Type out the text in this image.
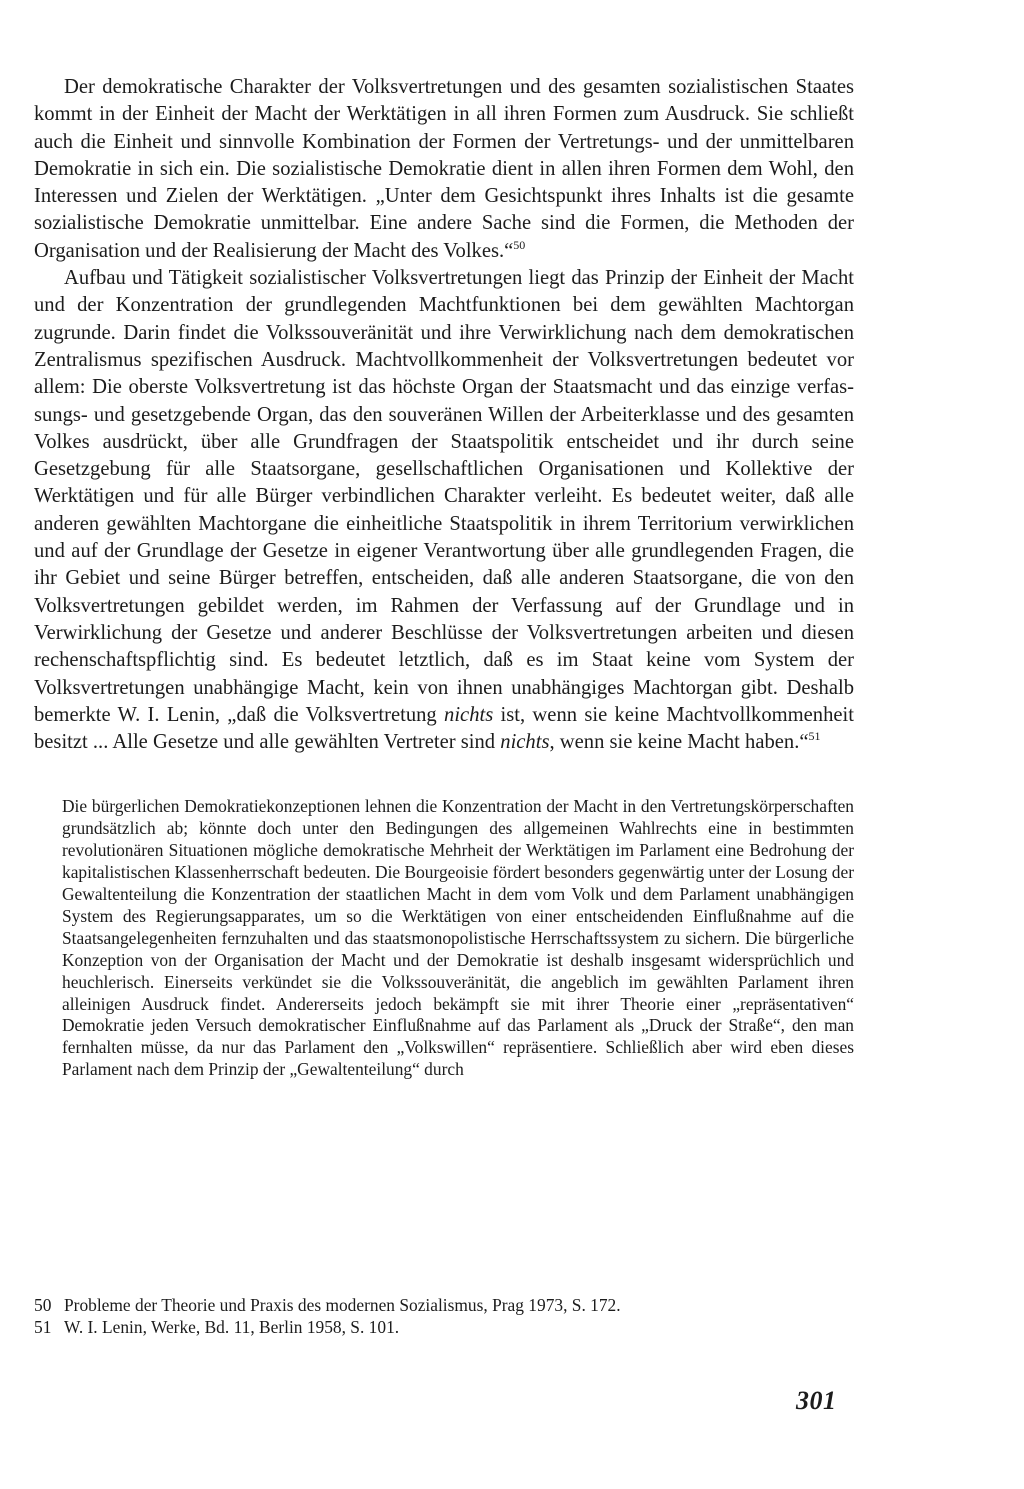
Der demokratische Charakter der Volksvertretungen und des gesamten sozialistischen Staates kommt in der Einheit der Macht der Werktätigen in all ihren Formen zum Ausdruck. Sie schließt auch die Einheit und sinnvolle Kombination der Formen der Vertretungs- und der unmittelbaren Demokratie in sich ein. Die sozialistische Demokratie dient in allen ihren Formen dem Wohl, den Interessen und Zielen der Werktätigen. „Unter dem Gesichtspunkt ihres Inhalts ist die gesamte sozialistische Demokratie unmittelbar. Eine andere Sache sind die Formen, die Methoden der Organisation und der Realisierung der Macht des Volkes.“$^{50}$

Aufbau und Tätigkeit sozialistischer Volksvertretungen liegt das Prinzip der Einheit der Macht und der Konzentration der grundlegenden Machtfunktionen bei dem gewählten Machtorgan zugrunde. Darin findet die Volkssouveränität und ihre Verwirklichung nach dem demokratischen Zentralismus spezifischen Ausdruck. Machtvollkommenheit der Volksvertretungen bedeutet vor allem: Die oberste Volksvertretung ist das höchste Organ der Staatsmacht und das einzige verfassungs- und gesetzgebende Organ, das den souveränen Willen der Arbeiterklasse und des gesamten Volkes ausdrückt, über alle Grundfragen der Staatspolitik entscheidet und ihr durch seine Gesetzgebung für alle Staatsorgane, gesellschaftlichen Organisationen und Kollektive der Werktätigen und für alle Bürger verbindlichen Charakter verleiht. Es bedeutet weiter, daß alle anderen gewählten Machtorgane die einheitliche Staatspolitik in ihrem Territorium verwirklichen und auf der Grundlage der Gesetze in eigener Verantwortung über alle grundlegenden Fragen, die ihr Gebiet und seine Bürger betreffen, entscheiden, daß alle anderen Staatsorgane, die von den Volksvertretungen gebildet werden, im Rahmen der Verfassung auf der Grundlage und in Verwirklichung der Gesetze und anderer Beschlüsse der Volksvertretungen arbeiten und diesen rechenschaftspflichtig sind. Es bedeutet letztlich, daß es im Staat keine vom System der Volksvertretungen unabhängige Macht, kein von ihnen unabhängiges Machtorgan gibt. Deshalb bemerkte W. I. Lenin, „daß die Volksvertretung nichts ist, wenn sie keine Machtvollkommenheit besitzt ... Alle Gesetze und alle gewählten Vertreter sind nichts, wenn sie keine Macht haben.“$^{51}$

Die bürgerlichen Demokratiekonzeptionen lehnen die Konzentration der Macht in den Vertretungskörperschaften grundsätzlich ab; könnte doch unter den Bedingungen des allgemeinen Wahlrechts eine in bestimmten revolutionären Situationen mögliche demokratische Mehrheit der Werktätigen im Parlament eine Bedrohung der kapitalistischen Klassenherrschaft bedeuten. Die Bourgeoisie fördert besonders gegenwärtig unter der Losung der Gewaltenteilung die Konzentration der staatlichen Macht in dem vom Volk und dem Parlament unabhängigen System des Regierungsapparates, um so die Werktätigen von einer entscheidenden Einflußnahme auf die Staatsangelegenheiten fernzuhalten und das staatsmonopolistische Herrschaftssystem zu sichern. Die bürgerliche Konzeption von der Organisation der Macht und der Demokratie ist deshalb insgesamt widersprüchlich und heuchlerisch. Einerseits verkündet sie die Volkssouveränität, die angeblich im gewählten Parlament ihren alleinigen Ausdruck findet. Andererseits jedoch bekämpft sie mit ihrer Theorie einer „repräsentativen“ Demokratie jeden Versuch demokratischer Einflußnahme auf das Parlament als „Druck der Straße“, den man fernhalten müsse, da nur das Parlament den „Volkswillen“ repräsentiere. Schließlich aber wird eben dieses Parlament nach dem Prinzip der „Gewaltenteilung“ durch

50 Probleme der Theorie und Praxis des modernen Sozialismus, Prag 1973, S. 172.
51 W. I. Lenin, Werke, Bd. 11, Berlin 1958, S. 101.
301
